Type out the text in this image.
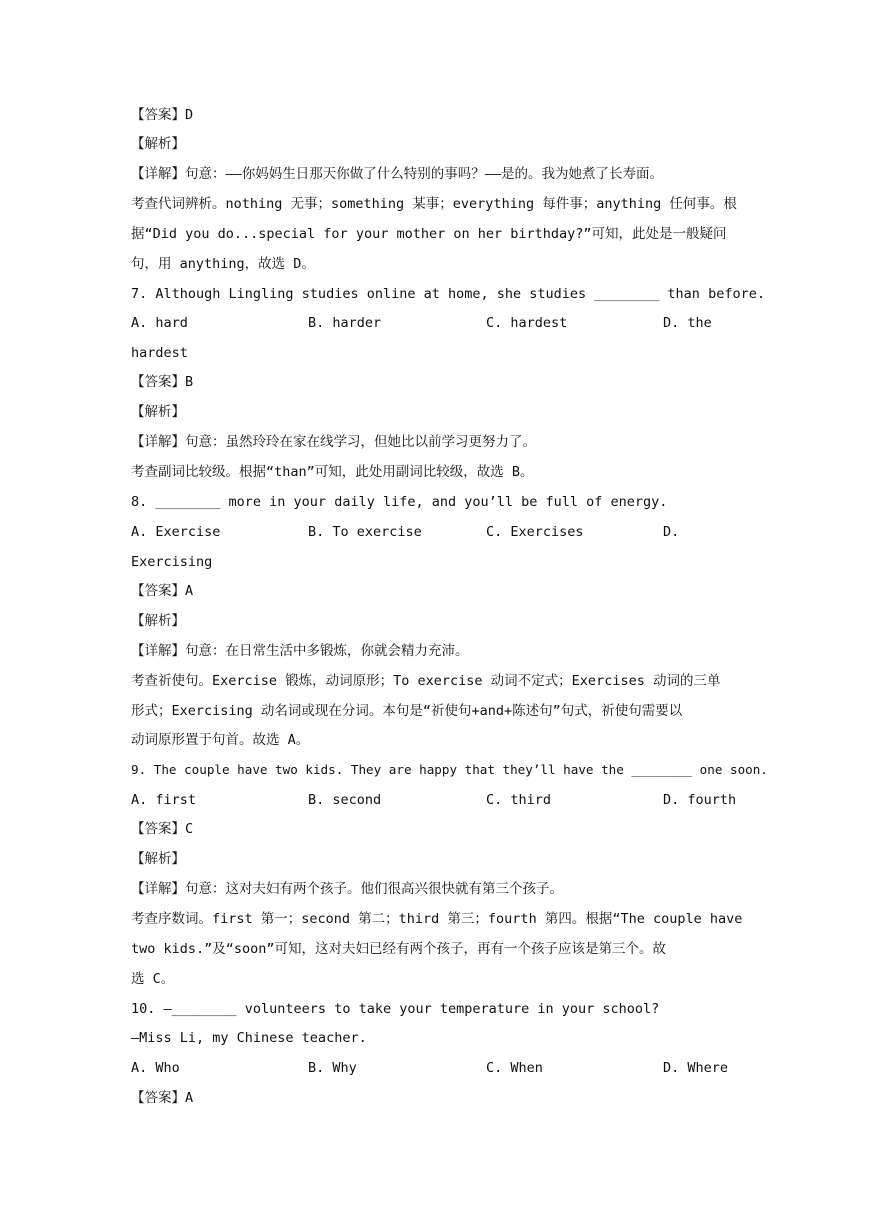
【答案】D
【解析】
【详解】句意：——你妈妈生日那天你做了什么特别的事吗？——是的。我为她煮了长寿面。
考查代词辨析。nothing 无事；something 某事；everything 每件事；anything 任何事。根
据“Did you do...special for your mother on her birthday?”可知，此处是一般疑问
句，用 anything，故选 D。
7. Although Lingling studies online at home, she studies ________ than before.
A. hard	B. harder	C. hardest	D. the
hardest
【答案】B
【解析】
【详解】句意：虽然玲玲在家在线学习，但她比以前学习更努力了。
考查副词比较级。根据“than”可知，此处用副词比较级，故选 B。
8. ________ more in your daily life, and you’ll be full of energy.
A. Exercise	B. To exercise	C. Exercises	D.
Exercising
【答案】A
【解析】
【详解】句意：在日常生活中多锻炼，你就会精力充沛。
考查祈使句。Exercise 锻炼，动词原形；To exercise 动词不定式；Exercises 动词的三单
形式；Exercising 动名词或现在分词。本句是“祈使句+and+陈述句”句式，祈使句需要以
动词原形置于句首。故选 A。
9. The couple have two kids. They are happy that they’ll have the ________ one soon.
A. first	B. second	C. third	D. fourth
【答案】C
【解析】
【详解】句意：这对夫妇有两个孩子。他们很高兴很快就有第三个孩子。
考查序数词。first 第一；second 第二；third 第三；fourth 第四。根据“The couple have
two kids.”及“soon”可知，这对夫妇已经有两个孩子，再有一个孩子应该是第三个。故
选 C。
10. —________ volunteers to take your temperature in your school?
—Miss Li, my Chinese teacher.
A. Who	B. Why	C. When	D. Where
【答案】A
